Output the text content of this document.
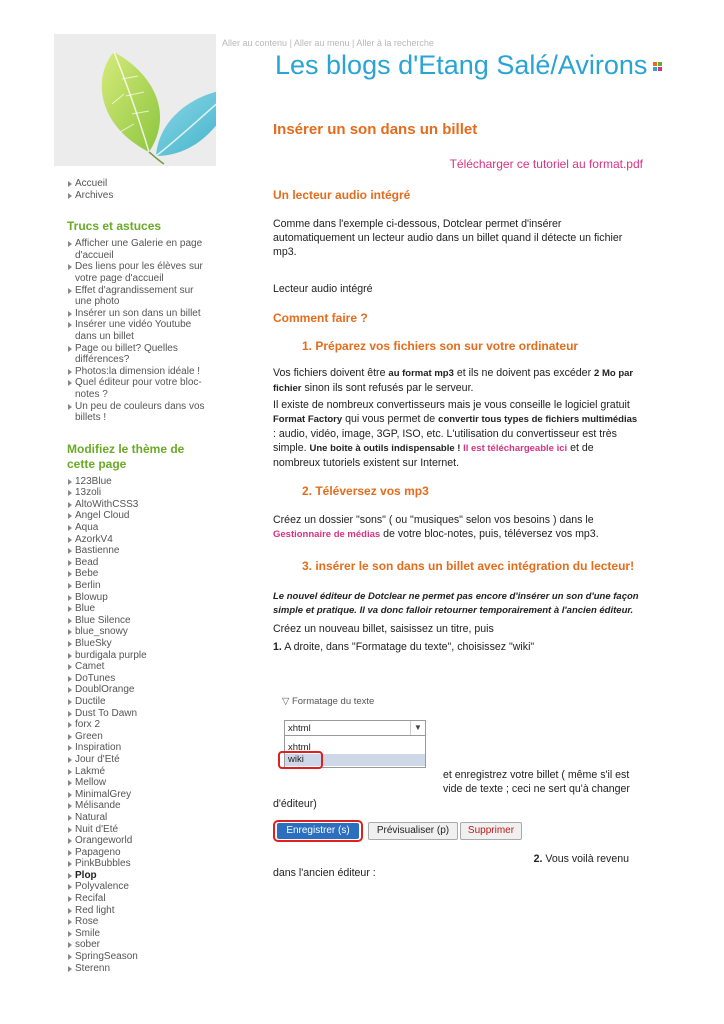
Aller au contenu | Aller au menu | Aller à la recherche
Les blogs d'Etang Salé/Avirons
Accueil
Archives
Trucs et astuces
Afficher une Galerie en page d'accueil
Des liens pour les élèves sur votre page d'accueil
Effet d'agrandissement sur une photo
Insérer un son dans un billet
Insérer une vidéo Youtube dans un billet
Page ou billet? Quelles différences?
Photos:la dimension idéale !
Quel éditeur pour votre bloc-notes ?
Un peu de couleurs dans vos billets !
Modifiez le thème de cette page
123Blue
13zoli
AltoWithCSS3
Angel Cloud
Aqua
AzorkV4
Bastienne
Bead
Bebe
Berlin
Blowup
Blue
Blue Silence
blue_snowy
BlueSky
burdigala purple
Camet
DoTunes
DoublOrange
Ductile
Dust To Dawn
forx 2
Green
Inspiration
Jour d'Eté
Lakmé
Mellow
MinimalGrey
Mélisande
Natural
Nuit d'Eté
Orangeworld
Papageno
PinkBubbles
Plop
Polyvalence
Recifal
Red light
Rose
Smile
sober
SpringSeason
Sterenn
Insérer un son dans un billet
Télécharger ce tutoriel au format.pdf
Un lecteur audio intégré

Comme dans l'exemple ci-dessous, Dotclear permet d'insérer automatiquement un lecteur audio dans un billet quand il détecte un fichier mp3.

Lecteur audio intégré

Comment faire ?
1. Préparez vos fichiers son sur votre ordinateur

Vos fichiers doivent être au format mp3 et ils ne doivent pas excéder 2 Mo par fichier sinon ils sont refusés par le serveur.

Il existe de nombreux convertisseurs mais je vous conseille le logiciel gratuit Format Factory qui vous permet de convertir tous types de fichiers multimédias : audio, vidéo, image, 3GP, ISO, etc. L'utilisation du convertisseur est très simple. Une boite à outils indispensable ! Il est téléchargeable ici et de nombreux tutoriels existent sur Internet.

2. Téléversez vos mp3

Créez un dossier "sons" ( ou "musiques" selon vos besoins ) dans le Gestionnaire de médias de votre bloc-notes, puis, téléversez vos mp3.

3. insérer le son dans un billet avec intégration du lecteur!

Le nouvel éditeur de Dotclear ne permet pas encore d'insérer un son d'une façon simple et pratique. Il va donc falloir retourner temporairement à l'ancien éditeur.

Créez un nouveau billet, saisissez un titre, puis

1. A droite, dans "Formatage du texte", choisissez "wiki"

▽ Formatage du texte
xhtml	▼
xhtml
wiki
et enregistrez votre billet ( même s'il est vide de texte ; ceci ne sert qu'à changer
d'éditeur)
Enregistrer (s)	Prévisualiser (p)	Supprimer
2. Vous voilà revenu
dans l'ancien éditeur :
